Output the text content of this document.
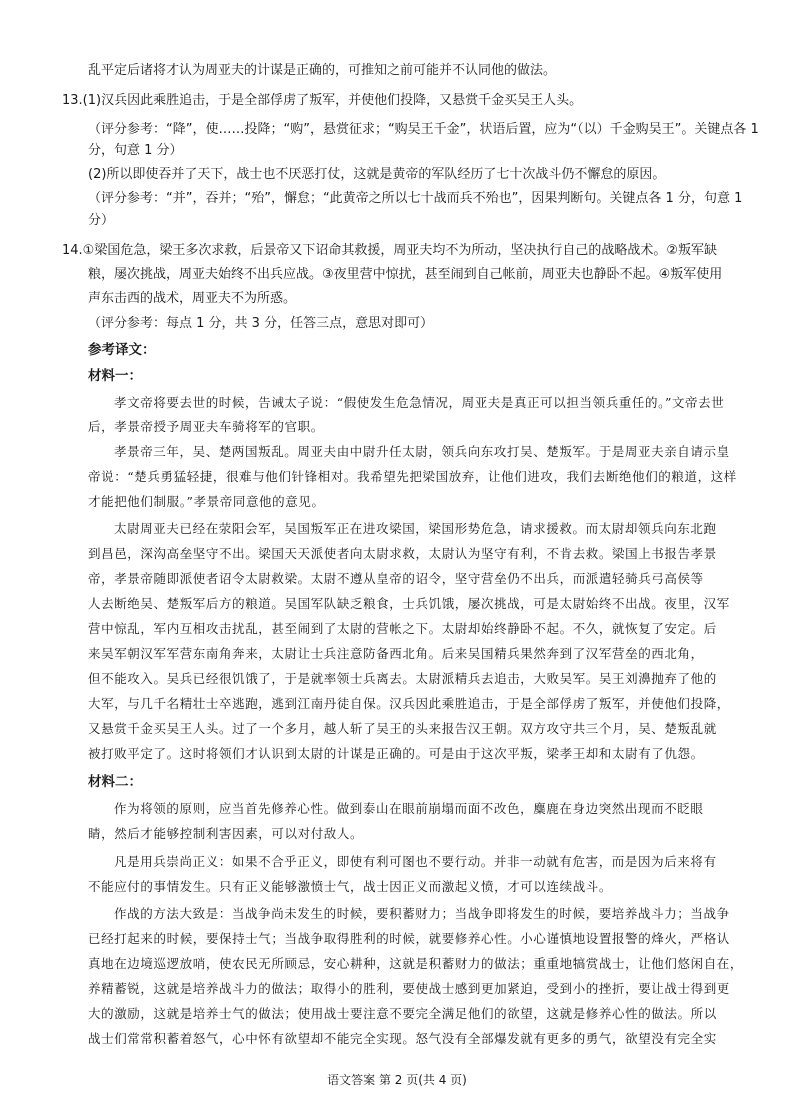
乱平定后诸将才认为周亚夫的计谋是正确的，可推知之前可能并不认同他的做法。
13.(1)汉兵因此乘胜追击，于是全部俘虏了叛军，并使他们投降，又悬赏千金买吴王人头。
（评分参考：“降”，使……投降；“购”，悬赏征求；“购吴王千金”，状语后置，应为“（以）千金购吴王”。关键点各 1
分，句意 1 分）
(2)所以即使吞并了天下，战士也不厌恶打仗，这就是黄帝的军队经历了七十次战斗仍不懈怠的原因。
（评分参考：“并”，吞并；“殆”，懈怠；“此黄帝之所以七十战而兵不殆也”，因果判断句。关键点各 1 分，句意 1
分）
14.①梁国危急，梁王多次求救，后景帝又下诏命其救援，周亚夫均不为所动，坚决执行自己的战略战术。②叛军缺
粮，屡次挑战，周亚夫始终不出兵应战。③夜里营中惊扰，甚至闹到自己帐前，周亚夫也静卧不起。④叛军使用
声东击西的战术，周亚夫不为所惑。
（评分参考：每点 1 分，共 3 分，任答三点，意思对即可）
参考译文：
材料一：
孝文帝将要去世的时候，告诫太子说：“假使发生危急情况，周亚夫是真正可以担当领兵重任的。”文帝去世
后，孝景帝授予周亚夫车骑将军的官职。
孝景帝三年，吴、楚两国叛乱。周亚夫由中尉升任太尉，领兵向东攻打吴、楚叛军。于是周亚夫亲自请示皇
帝说：“楚兵勇猛轻捷，很难与他们针锋相对。我希望先把梁国放弃，让他们进攻，我们去断绝他们的粮道，这样
才能把他们制服。”孝景帝同意他的意见。
太尉周亚夫已经在荥阳会军，吴国叛军正在进攻梁国，梁国形势危急，请求援救。而太尉却领兵向东北跑
到昌邑，深沟高垒坚守不出。梁国天天派使者向太尉求救，太尉认为坚守有利，不肯去救。梁国上书报告孝景
帝，孝景帝随即派使者诏令太尉救梁。太尉不遵从皇帝的诏令，坚守营垒仍不出兵，而派遣轻骑兵弓高侯等
人去断绝吴、楚叛军后方的粮道。吴国军队缺乏粮食，士兵饥饿，屡次挑战，可是太尉始终不出战。夜里，汉军
营中惊乱，军内互相攻击扰乱，甚至闹到了太尉的营帐之下。太尉却始终静卧不起。不久，就恢复了安定。后
来吴军朝汉军军营东南角奔来，太尉让士兵注意防备西北角。后来吴国精兵果然奔到了汉军营垒的西北角，
但不能攻入。吴兵已经很饥饿了，于是就率领士兵离去。太尉派精兵去追击，大败吴军。吴王刘濞抛弃了他的
大军，与几千名精壮士卒逃跑，逃到江南丹徒自保。汉兵因此乘胜追击，于是全部俘虏了叛军，并使他们投降，
又悬赏千金买吴王人头。过了一个多月，越人斩了吴王的头来报告汉王朝。双方攻守共三个月，吴、楚叛乱就
被打败平定了。这时将领们才认识到太尉的计谋是正确的。可是由于这次平叛，梁孝王却和太尉有了仇怨。
材料二：
作为将领的原则，应当首先修养心性。做到泰山在眼前崩塌而面不改色，麋鹿在身边突然出现而不眨眼
睛，然后才能够控制利害因素，可以对付敌人。
凡是用兵崇尚正义：如果不合乎正义，即使有利可图也不要行动。并非一动就有危害，而是因为后来将有
不能应付的事情发生。只有正义能够激愤士气，战士因正义而激起义愤，才可以连续战斗。
作战的方法大致是：当战争尚未发生的时候，要积蓄财力；当战争即将发生的时候，要培养战斗力；当战争
已经打起来的时候，要保持士气；当战争取得胜利的时候，就要修养心性。小心谨慎地设置报警的烽火，严格认
真地在边境巡逻放哨，使农民无所顾忌，安心耕种，这就是积蓄财力的做法；重重地犒赏战士，让他们悠闲自在，
养精蓄锐，这就是培养战斗力的做法；取得小的胜利，要使战士感到更加紧迫，受到小的挫折，要让战士得到更
大的激励，这就是培养士气的做法；使用战士要注意不要完全满足他们的欲望，这就是修养心性的做法。所以
战士们常常积蓄着怒气，心中怀有欲望却不能完全实现。怒气没有全部爆发就有更多的勇气，欲望没有完全实
语文答案 第 2 页(共 4 页)
